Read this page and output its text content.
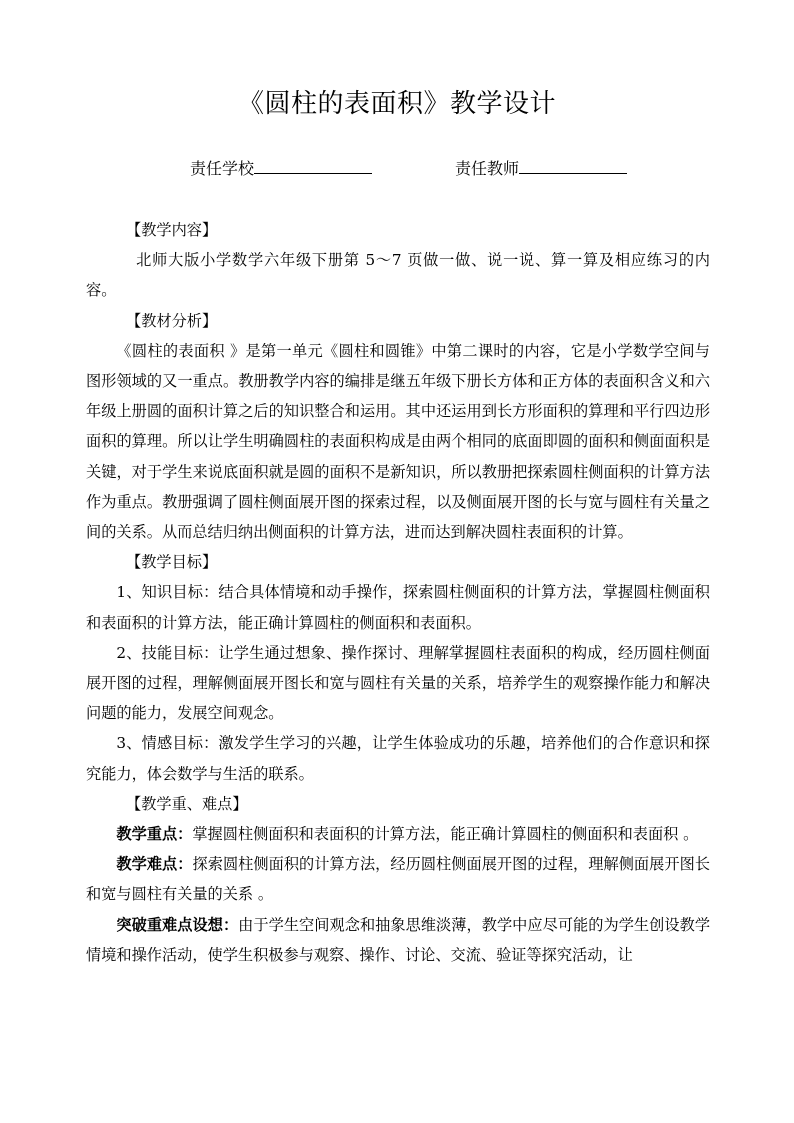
《圆柱的表面积》教学设计
责任学校	责任教师

【教学内容】

北师大版小学数学六年级下册第 5～7 页做一做、说一说、算一算及相应练习的内容。

【教材分析】

《圆柱的表面积 》是第一单元《圆柱和圆锥》中第二课时的内容，它是小学数学空间与图形领域的又一重点。教册教学内容的编排是继五年级下册长方体和正方体的表面积含义和六年级上册圆的面积计算之后的知识整合和运用。其中还运用到长方形面积的算理和平行四边形面积的算理。所以让学生明确圆柱的表面积构成是由两个相同的底面即圆的面积和侧面面积是关键，对于学生来说底面积就是圆的面积不是新知识，所以教册把探索圆柱侧面积的计算方法作为重点。教册强调了圆柱侧面展开图的探索过程，以及侧面展开图的长与宽与圆柱有关量之间的关系。从而总结归纳出侧面积的计算方法，进而达到解决圆柱表面积的计算。

【教学目标】

1、知识目标：结合具体情境和动手操作，探索圆柱侧面积的计算方法，掌握圆柱侧面积和表面积的计算方法，能正确计算圆柱的侧面积和表面积。

2、技能目标：让学生通过想象、操作探讨、理解掌握圆柱表面积的构成，经历圆柱侧面展开图的过程，理解侧面展开图长和宽与圆柱有关量的关系，培养学生的观察操作能力和解决问题的能力，发展空间观念。

3、情感目标：激发学生学习的兴趣，让学生体验成功的乐趣，培养他们的合作意识和探究能力，体会数学与生活的联系。

【教学重、难点】

教学重点：掌握圆柱侧面积和表面积的计算方法，能正确计算圆柱的侧面积和表面积 。

教学难点：探索圆柱侧面积的计算方法，经历圆柱侧面展开图的过程，理解侧面展开图长和宽与圆柱有关量的关系 。

突破重难点设想：由于学生空间观念和抽象思维淡薄，教学中应尽可能的为学生创设教学情境和操作活动，使学生积极参与观察、操作、讨论、交流、验证等探究活动，让
